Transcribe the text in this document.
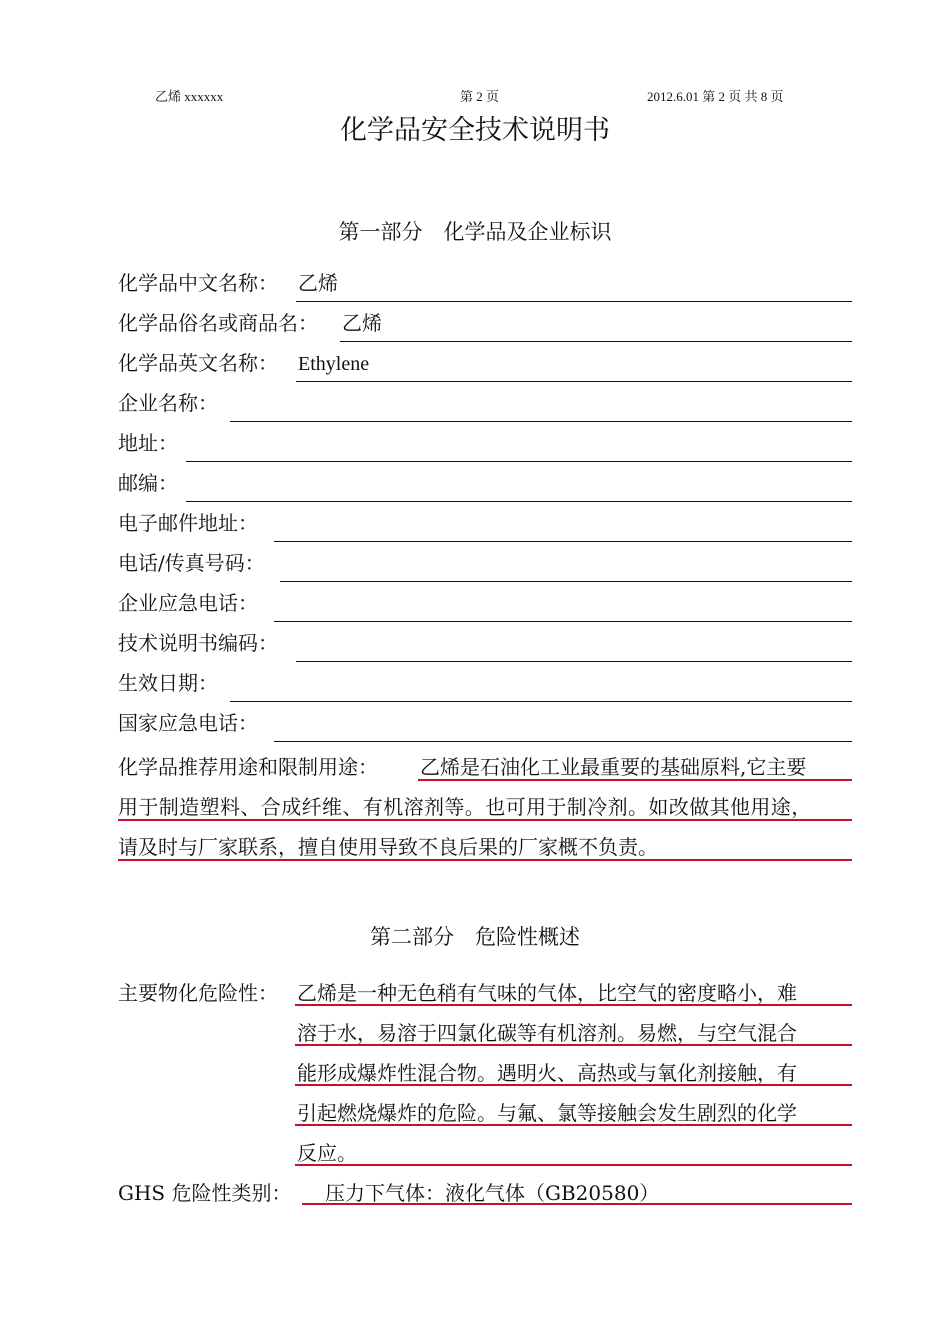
乙烯 xxxxxx	第 2 页	2012.6.01 第 2 页 共 8 页
化学品安全技术说明书
第一部分　化学品及企业标识
化学品中文名称： 乙烯
化学品俗名或商品名： 乙烯
化学品英文名称： Ethylene
企业名称：
地址：
邮编：
电子邮件地址：
电话/传真号码：
企业应急电话：
技术说明书编码：
生效日期：
国家应急电话：
化学品推荐用途和限制用途： 乙烯是石油化工业最重要的基础原料,它主要
用于制造塑料、合成纤维、有机溶剂等。也可用于制冷剂。如改做其他用途，
请及时与厂家联系，擅自使用导致不良后果的厂家概不负责。
第二部分　危险性概述
主要物化危险性： 乙烯是一种无色稍有气味的气体，比空气的密度略小，难
溶于水，易溶于四氯化碳等有机溶剂。易燃，与空气混合
能形成爆炸性混合物。遇明火、高热或与氧化剂接触，有
引起燃烧爆炸的危险。与氟、氯等接触会发生剧烈的化学
反应。
GHS 危险性类别： 压力下气体：液化气体（GB20580）
